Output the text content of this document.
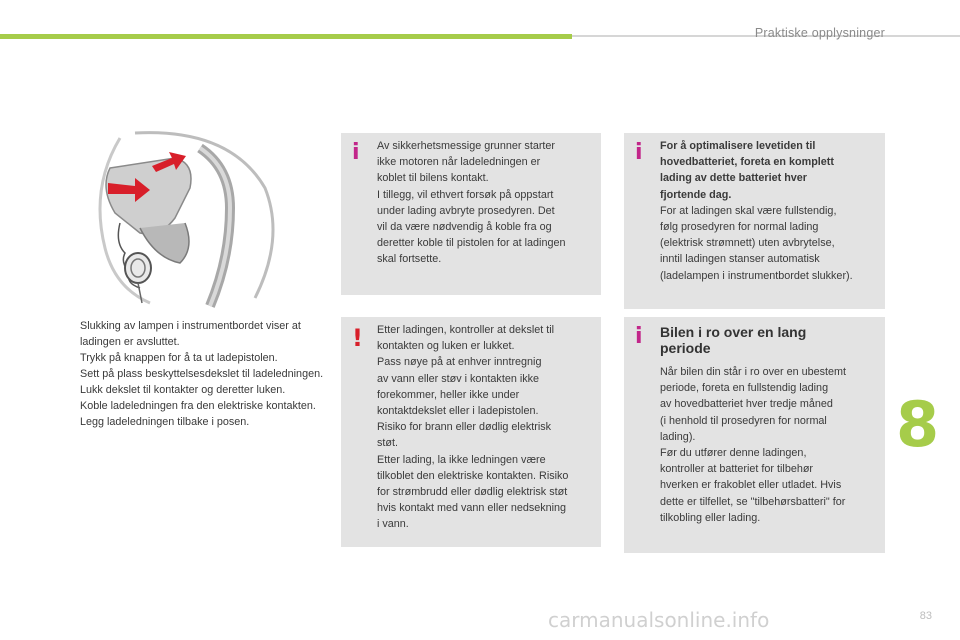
Praktiske opplysninger
Slukking av lampen i instrumentbordet viser at ladingen er avsluttet.
Trykk på knappen for å ta ut ladepistolen.
Sett på plass beskyttelsesdekslet til ladeledningen.
Lukk dekslet til kontakter og deretter luken.
Koble ladeledningen fra den elektriske kontakten.
Legg ladeledningen tilbake i posen.
i Av sikkerhetsmessige grunner starter
ikke motoren når ladeledningen er
koblet til bilens kontakt.
I tillegg, vil ethvert forsøk på oppstart
under lading avbryte prosedyren. Det
vil da være nødvendig å koble fra og
deretter koble til pistolen for at ladingen
skal fortsette.
i For å optimalisere levetiden til
hovedbatteriet, foreta en komplett
lading av dette batteriet hver
fjortende dag.
For at ladingen skal være fullstendig,
følg prosedyren for normal lading
(elektrisk strømnett) uten avbrytelse,
inntil ladingen stanser automatisk
(ladelampen i instrumentbordet slukker).
! Etter ladingen, kontroller at dekslet til
kontakten og luken er lukket.
Pass nøye på at enhver inntregnig
av vann eller støv i kontakten ikke
forekommer, heller ikke under
kontaktdekslet eller i ladepistolen.
Risiko for brann eller dødlig elektrisk
støt.
Etter lading, la ikke ledningen være
tilkoblet den elektriske kontakten. Risiko
for strømbrudd eller dødlig elektrisk støt
hvis kontakt med vann eller nedsekning
i vann.
i Bilen i ro over en lang
periode
Når bilen din står i ro over en ubestemt
periode, foreta en fullstendig lading
av hovedbatteriet hver tredje måned
(i henhold til prosedyren for normal
lading).
Før du utfører denne ladingen,
kontroller at batteriet for tilbehør
hverken er frakoblet eller utladet. Hvis
dette er tilfellet, se "tilbehørsbatteri" for
tilkobling eller lading.
8
carmanualsonline.info	83
